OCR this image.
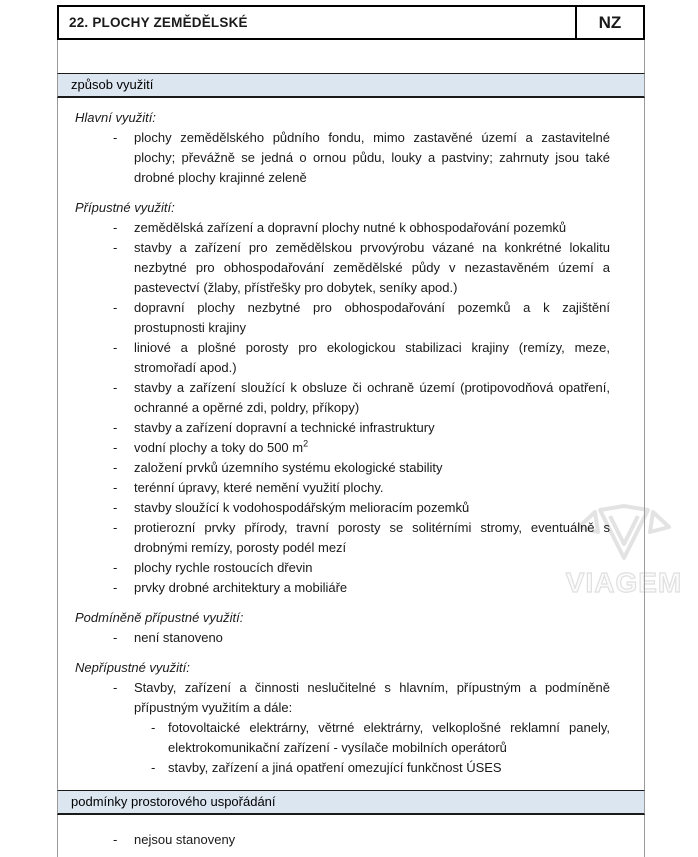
VIAGEM
22. PLOCHY ZEMĚDĚLSKÉ	NZ
způsob využití
Hlavní využití:
-	plochy zemědělského půdního fondu, mimo zastavěné území a zastavitelné plochy; převážně se jedná o ornou půdu, louky a pastviny; zahrnuty jsou také drobné plochy krajinné zeleně
Přípustné využití:
-	zemědělská zařízení a dopravní plochy nutné k obhospodařování pozemků
-	stavby a zařízení pro zemědělskou prvovýrobu vázané na konkrétné lokalitu nezbytné pro obhospodařování zemědělské půdy v nezastavěném území a pastevectví (žlaby, přístřešky pro dobytek, seníky apod.)
-	dopravní plochy nezbytné pro obhospodařování pozemků a k zajištění prostupnosti krajiny
-	liniové a plošné porosty pro ekologickou stabilizaci krajiny (remízy, meze, stromořadí apod.)
-	stavby a zařízení sloužící k obsluze či ochraně území (protipovodňová opatření, ochranné a opěrné zdi, poldry, příkopy)
-	stavby a zařízení dopravní a technické infrastruktury
-	vodní plochy a toky do 500 $m^2$
-	založení prvků územního systému ekologické stability
-	terénní úpravy, které nemění využití plochy.
-	stavby sloužící k vodohospodářským melioracím pozemků
-	protierozní prvky přírody, travní porosty se solitérními stromy, eventuálně s drobnými remízy, porosty podél mezí
-	plochy rychle rostoucích dřevin
-	prvky drobné architektury a mobiliáře
Podmíněně přípustné využití:
-	není stanoveno
Nepřípustné využití:
-	Stavby, zařízení a činnosti neslučitelné s hlavním, přípustným a podmíněně přípustným využitím a dále:
- fotovoltaické elektrárny, větrné elektrárny, velkoplošné reklamní panely, elektrokomunikační zařízení - vysílače mobilních operátorů
- stavby, zařízení a jiná opatření omezující funkčnost ÚSES
podmínky prostorového uspořádání
-	nejsou stanoveny
